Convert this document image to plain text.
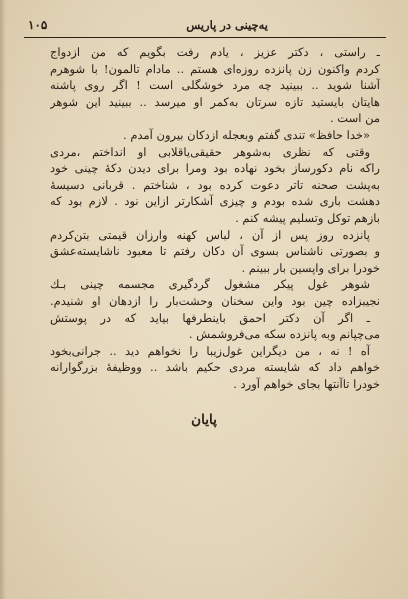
یه‌چینی در پاریس
۱۰۵
ـ راستی ، دکتر عزیز ، یادم رفت بگویم که من ازدواج
کردم واکنون زن پانزده روزه‌ای هستم .. مادام تالمون! با شوهرم
آشنا شوید .. ببینید چه مرد خوشگلی است ! اگر روی پاشنه
هایتان بایستید تازه سرتان به‌کمر او میرسد .. ببینید این شوهر
من است .
«خدا حافظ» تندی گفتم وبعجله ازدکان بیرون آمدم .
وقتی که نظری به‌شوهر حقیقی‌یاقلابی او انداختم ،مردی
راکه نام دکورساز بخود نهاده بود ومرا برای دیدن دکهٔ چینی خود
به‌پشت صحنه تاتر دعوت کرده بود ، شناختم . قربانی دسیسهٔ
دهشت باری شده بودم و چیزی آشکارتر ازاین نود . لازم بود که
بازهم توکل وتسلیم پیشه کنم .
پانزده روز پس از آن ، لباس کهنه وارزان قیمتی بتن‌کردم
و بصورتی ناشناس بسوی آن دکان رفتم تا معبود ناشایسته‌عشق
خودرا برای واپسین بار ببینم .
شوهر غول پیکر مشغول گردگیری مجسمه چینی بـك
نجیبزاده چین بود واین سخنان وحشت‌بار را ازدهان او شنیدم.
ـ اگر آن دکتر احمق باینطرفها بیاید که در پوستش
می‌چپانم وبه پانزده سکه می‌فروشمش .
آه ! نه ، من دیگراین غول‌زیبا را نخواهم دید .. جرانی‌بخود
خواهم داد که شایسته مردی حکیم باشد .. ووظیفهٔ بزرگوارانه
خودرا تاآنتها بجای خواهم آورد .
پایان
